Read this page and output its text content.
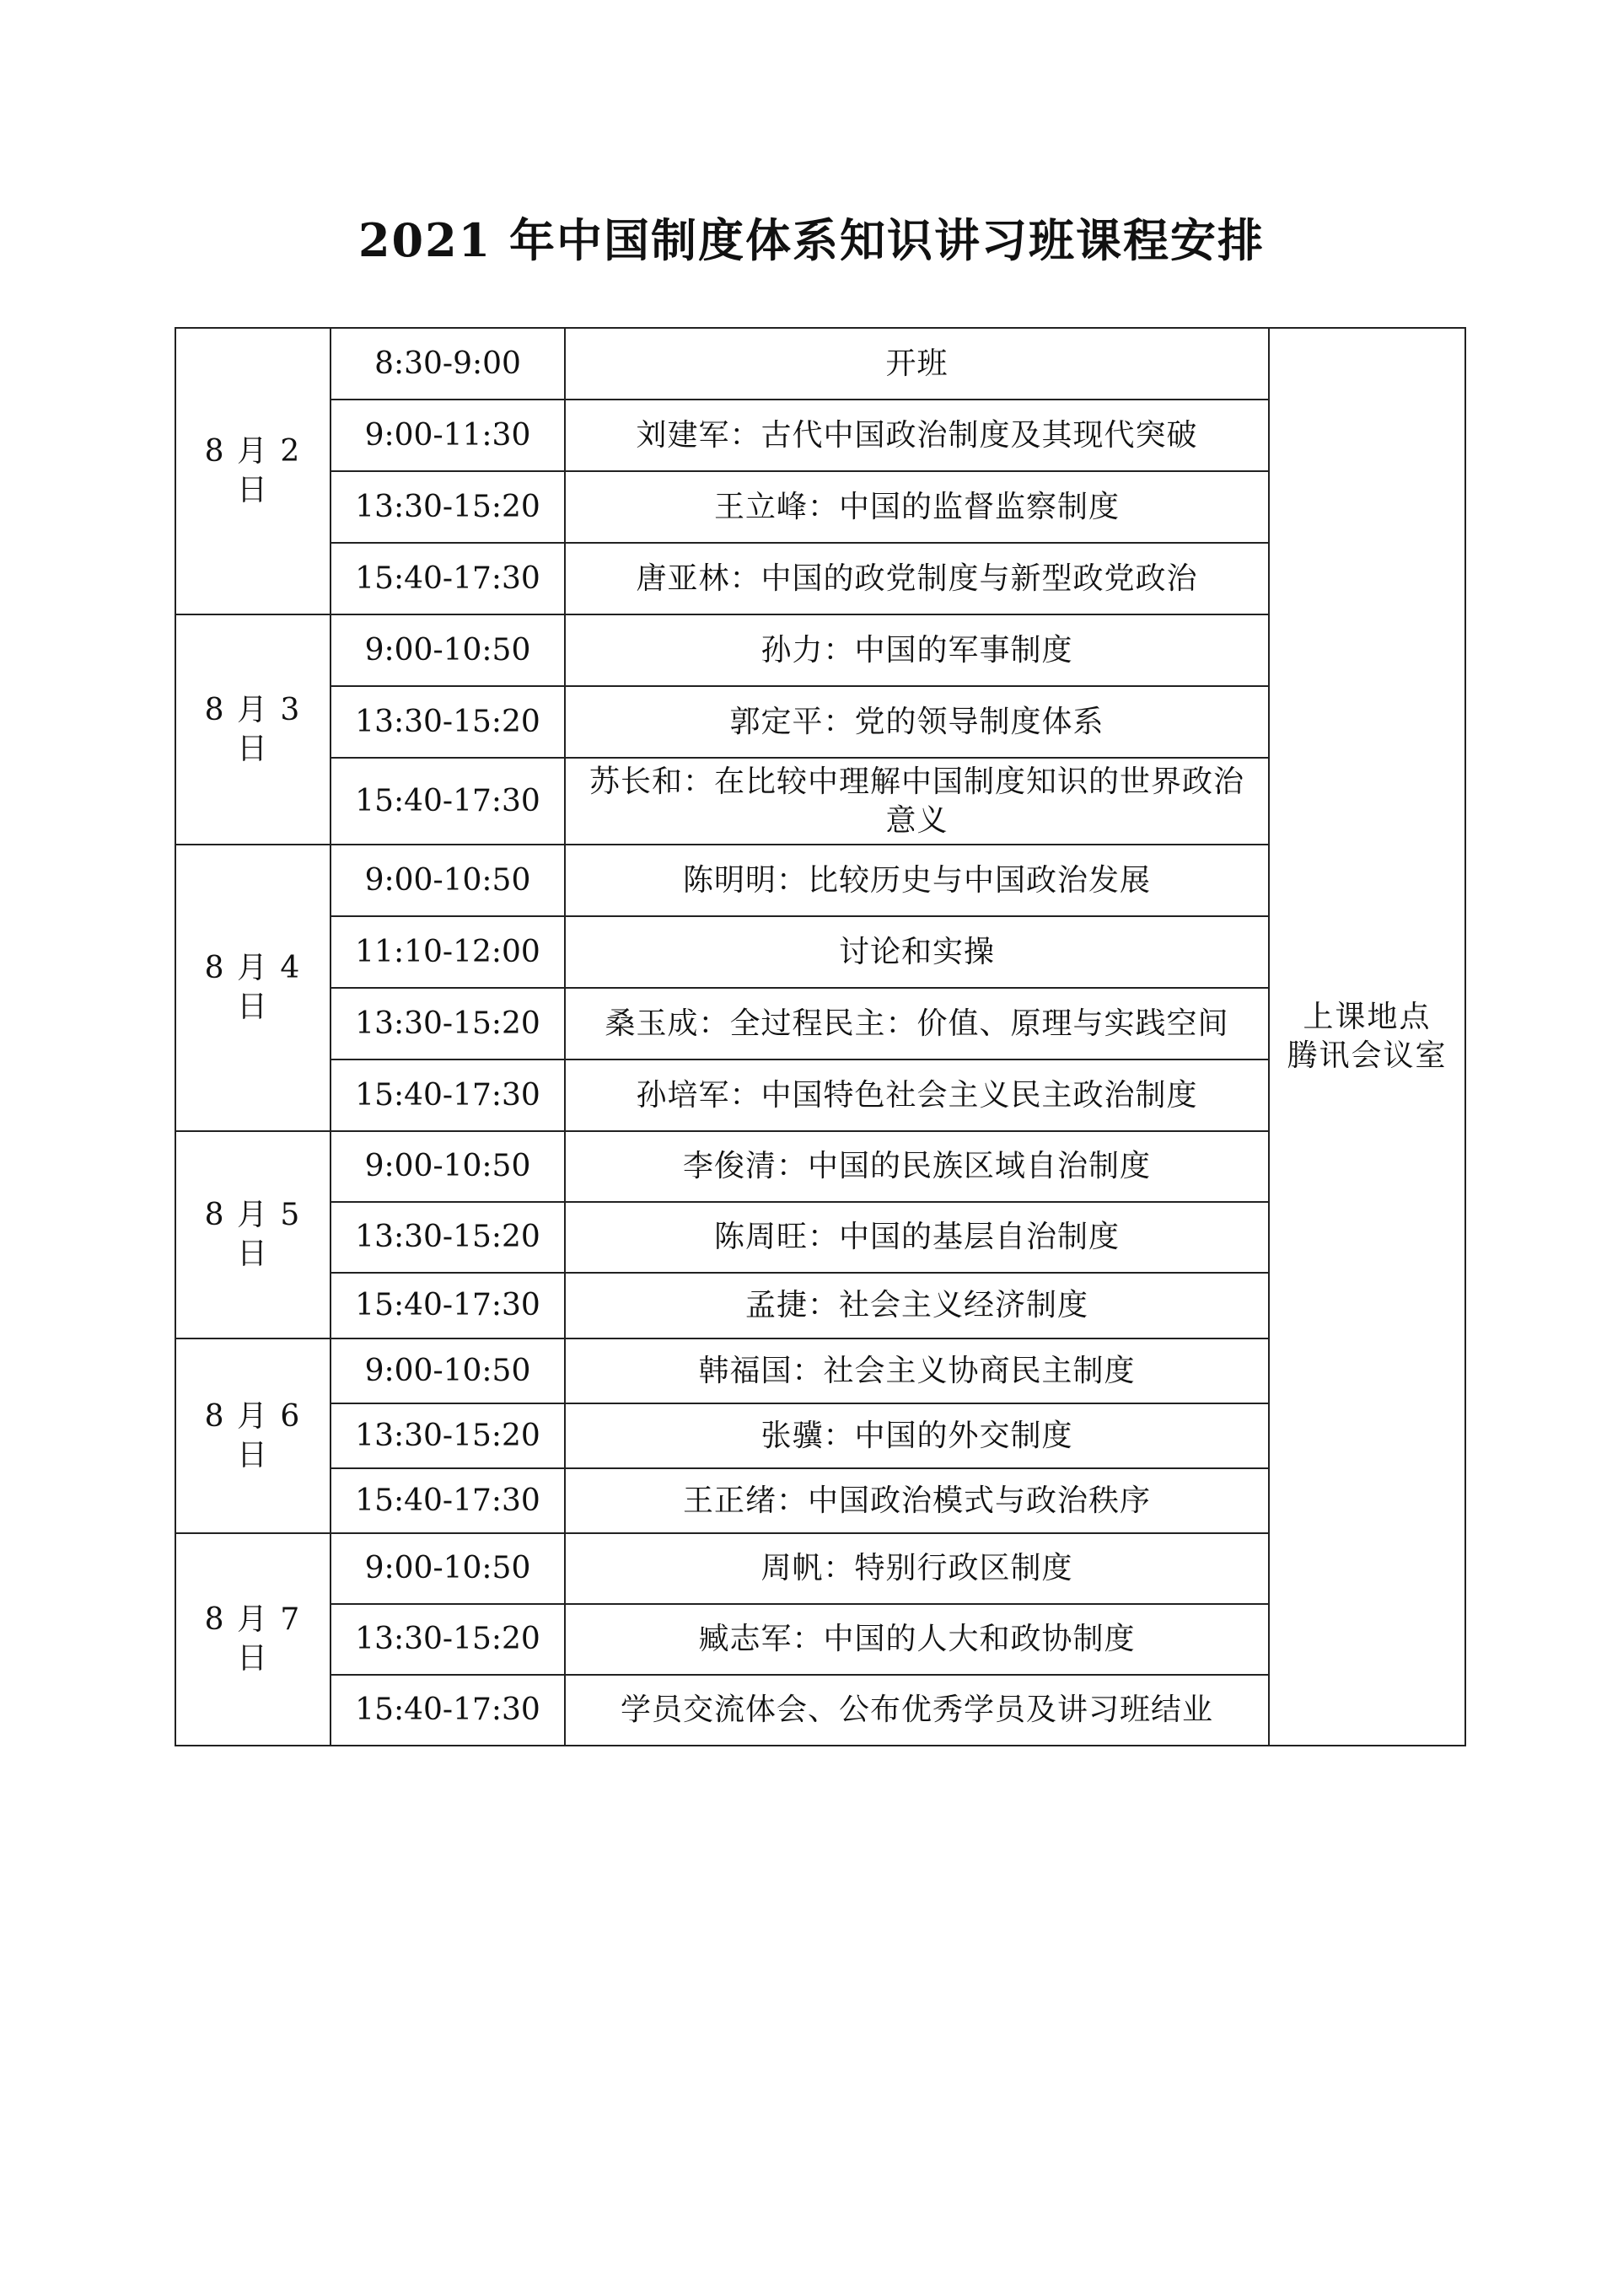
2021 年中国制度体系知识讲习班课程安排
8 月 2 日	8:30-9:00	开班	上课地点
腾讯会议室

	9:00-11:30	刘建军：古代中国政治制度及其现代突破	
	13:30-15:20	王立峰：中国的监督监察制度	
	15:40-17:30	唐亚林：中国的政党制度与新型政党政治	
8 月 3 日	9:00-10:50	孙力：中国的军事制度	
	13:30-15:20	郭定平：党的领导制度体系	
	15:40-17:30	苏长和：在比较中理解中国制度知识的世界政治意义	
8 月 4 日	9:00-10:50	陈明明：比较历史与中国政治发展	
	11:10-12:00	讨论和实操	
	13:30-15:20	桑玉成：全过程民主：价值、原理与实践空间	
	15:40-17:30	孙培军：中国特色社会主义民主政治制度	
8 月 5 日	9:00-10:50	李俊清：中国的民族区域自治制度	
	13:30-15:20	陈周旺：中国的基层自治制度	
	15:40-17:30	孟捷：社会主义经济制度	
8 月 6 日	9:00-10:50	韩福国：社会主义协商民主制度	
	13:30-15:20	张骥：中国的外交制度	
	15:40-17:30	王正绪：中国政治模式与政治秩序	
8 月 7 日	9:00-10:50	周帆：特别行政区制度	
	13:30-15:20	臧志军：中国的人大和政协制度	
	15:40-17:30	学员交流体会、公布优秀学员及讲习班结业	
